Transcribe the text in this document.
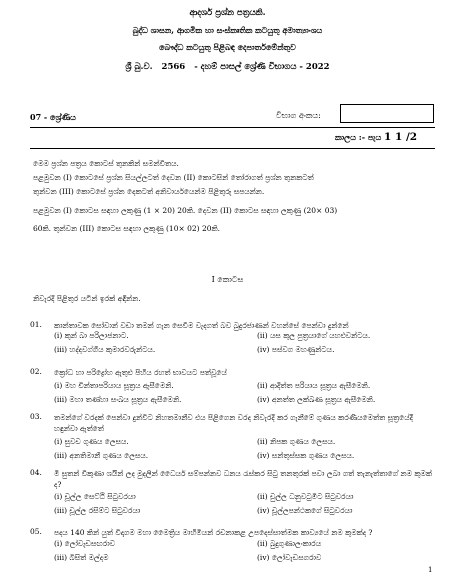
ආදර්ශ ප්‍රශ්න පත්‍රයකි.
බුද්ධ ශාසන, ආගමික හා සංස්කෘතික කටයුතු අමාත්‍යාංශය
බෞද්ධ කටයුතු පිළිබඳ දෙපාර්තමේන්තුව
ශ්‍රී බු.ව. 2566 - දහම් පාසල් ශ්‍රේණි විභාගය - 2022
07 - ශ්‍රේණිය	විභාග අංකය:
කාලය :- පැය 1 1 /2
මෙම ප්‍රශ්න පත්‍රය කොටස් තුනකින් සමන්විතය.
පළමුවන (I) කොටසේ ප්‍රශ්න සියල්ලටත් දෙවන (II) කොටසින් තෝරාගත් ප්‍රශ්න තුනකටත්
තුන්වන (III) කොටසේ ප්‍රශ්න දෙකටත් අනිවාර්යයෙන්ම පිළිතුරු සපයන්න.
පළමුවන (I) කොටස සඳහා ලකුණු (1 × 20) 20කි. දෙවන (II) කොටස සඳහා ලකුණු (20× 03)
60කි. තුන්වන (III) කොටස සඳහා ලකුණු (10× 02) 20කි.
I කොටස
නිවැරදි පිළිතුර යටින් ඉරක් අඳින්න.
01.	කාන්තාවක සෝවාන් වඩා තමන් ගැන සෙවීම වැදගත් බව බුදුරජාණන් වහන්සේ පෙන්වා දුන්නේ
(i) කුන් බා පරිලාජනාට.	(ii) යස කුල පුත්‍රයාගේ යහළුවන්ටය.
(iii) හද්දවග්ගිය කුමාරවරුන්ටය.	(iv) පස්වග මහණුන්ටය.
02.	ක්‍රෝධ හා පරිද්‍රෝහ ඇතුළු පිහිය රහත් භාවයට පත්වූයේ
(i) මහ චින්තාපරියාය සූත්‍රය ඇසීමෙනි.	(ii) ආදිත්ත පරියාය සූත්‍රය ඇසීමෙනි.
(iii) මහා තණ්හා සංඛය සූත්‍රය ඇසීමෙනි.	(iv) අනත්ත ලක්ඛණ සූත්‍රය ඇසීමෙනි.
03.	තමන්ගේ වරදක් පෙන්වා දුන්විට නිහතමානීව එය පිළිගෙන වරද නිවැරදි කර ගැනීමේ ගුණය කරණීයමෙත්ත සූත්‍රයේදී හඳුන්වා ඇත්තේ
(i) සුවච ගුණය ලෙසය.	(ii) නිපක ගුණය ලෙසය.
(iii) අනතිමානී ගුණය ලෙසය.	(iv) සන්තුස්සක ගුණය ලෙසය.
04.	මී සුතන් විකුණා ශයින් ලද මුදලින් ධෛර්ය සම්පන්නව ධනය රැස්කර සිටු තනතුරක් පවා ලබා ගත් තැනැත්තාගේ නම කුමක් ද?
(i) චූල්ල සෙට්ඨි සිටුවරයා	(ii) චුල්ල ධනුවටුමිට සිටුවරයා
(iii) චූල්ල රසිම්ට සිටුවරයා	(iv) චූල්ලපන්ථකගේ සිටුවරයා
05.	පදය 140 කින් යුත් විදාගම මහා මෛත්‍රිය මාහිමියන් රචනාකළ උපදෙස්සාත්මක කාව්‍යයේ නම කුමක්ද ?
(i) ලෝවැඩසඟරාව	(ii) බුදුගුණාලංකාරය
(iii) බිසිත් මල්දම	(iv) ලෝවැඩසගරාව
1
